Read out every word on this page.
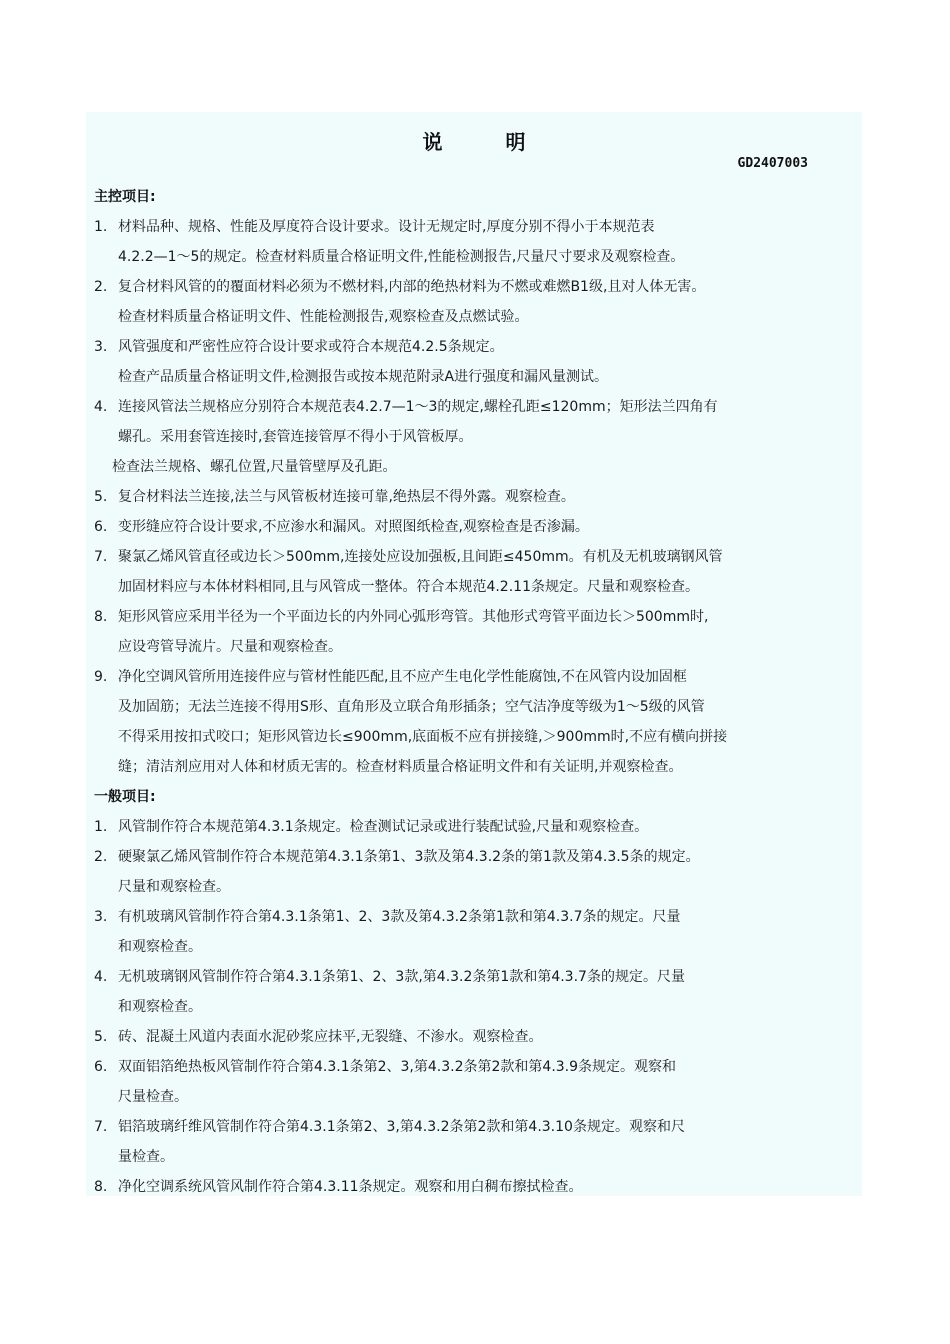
说 明
GD2407003
主控项目:
1. 材料品种、规格、性能及厚度符合设计要求。设计无规定时,厚度分别不得小于本规范表
4.2.2—1～5的规定。检查材料质量合格证明文件,性能检测报告,尺量尺寸要求及观察检查。
2. 复合材料风管的的覆面材料必须为不燃材料,内部的绝热材料为不燃或难燃B1级,且对人体无害。
检查材料质量合格证明文件、性能检测报告,观察检查及点燃试验。
3. 风管强度和严密性应符合设计要求或符合本规范4.2.5条规定。
检查产品质量合格证明文件,检测报告或按本规范附录A进行强度和漏风量测试。
4. 连接风管法兰规格应分别符合本规范表4.2.7—1～3的规定,螺栓孔距≤120mm；矩形法兰四角有
螺孔。采用套管连接时,套管连接管厚不得小于风管板厚。
检查法兰规格、螺孔位置,尺量管壁厚及孔距。
5. 复合材料法兰连接,法兰与风管板材连接可靠,绝热层不得外露。观察检查。
6. 变形缝应符合设计要求,不应渗水和漏风。对照图纸检查,观察检查是否渗漏。
7. 聚氯乙烯风管直径或边长＞500mm,连接处应设加强板,且间距≤450mm。有机及无机玻璃钢风管
加固材料应与本体材料相同,且与风管成一整体。符合本规范4.2.11条规定。尺量和观察检查。
8. 矩形风管应采用半径为一个平面边长的内外同心弧形弯管。其他形式弯管平面边长＞500mm时,
应设弯管导流片。尺量和观察检查。
9. 净化空调风管所用连接件应与管材性能匹配,且不应产生电化学性能腐蚀,不在风管内设加固框
及加固筋；无法兰连接不得用S形、直角形及立联合角形插条；空气洁净度等级为1～5级的风管
不得采用按扣式咬口；矩形风管边长≤900mm,底面板不应有拼接缝,＞900mm时,不应有横向拼接
缝；清洁剂应用对人体和材质无害的。检查材料质量合格证明文件和有关证明,并观察检查。
一般项目:
1. 风管制作符合本规范第4.3.1条规定。检查测试记录或进行装配试验,尺量和观察检查。
2. 硬聚氯乙烯风管制作符合本规范第4.3.1条第1、3款及第4.3.2条的第1款及第4.3.5条的规定。
尺量和观察检查。
3. 有机玻璃风管制作符合第4.3.1条第1、2、3款及第4.3.2条第1款和第4.3.7条的规定。尺量
和观察检查。
4. 无机玻璃钢风管制作符合第4.3.1条第1、2、3款,第4.3.2条第1款和第4.3.7条的规定。尺量
和观察检查。
5. 砖、混凝土风道内表面水泥砂浆应抹平,无裂缝、不渗水。观察检查。
6. 双面铝箔绝热板风管制作符合第4.3.1条第2、3,第4.3.2条第2款和第4.3.9条规定。观察和
尺量检查。
7. 铝箔玻璃纤维风管制作符合第4.3.1条第2、3,第4.3.2条第2款和第4.3.10条规定。观察和尺
量检查。
8. 净化空调系统风管风制作符合第4.3.11条规定。观察和用白稠布擦拭检查。
